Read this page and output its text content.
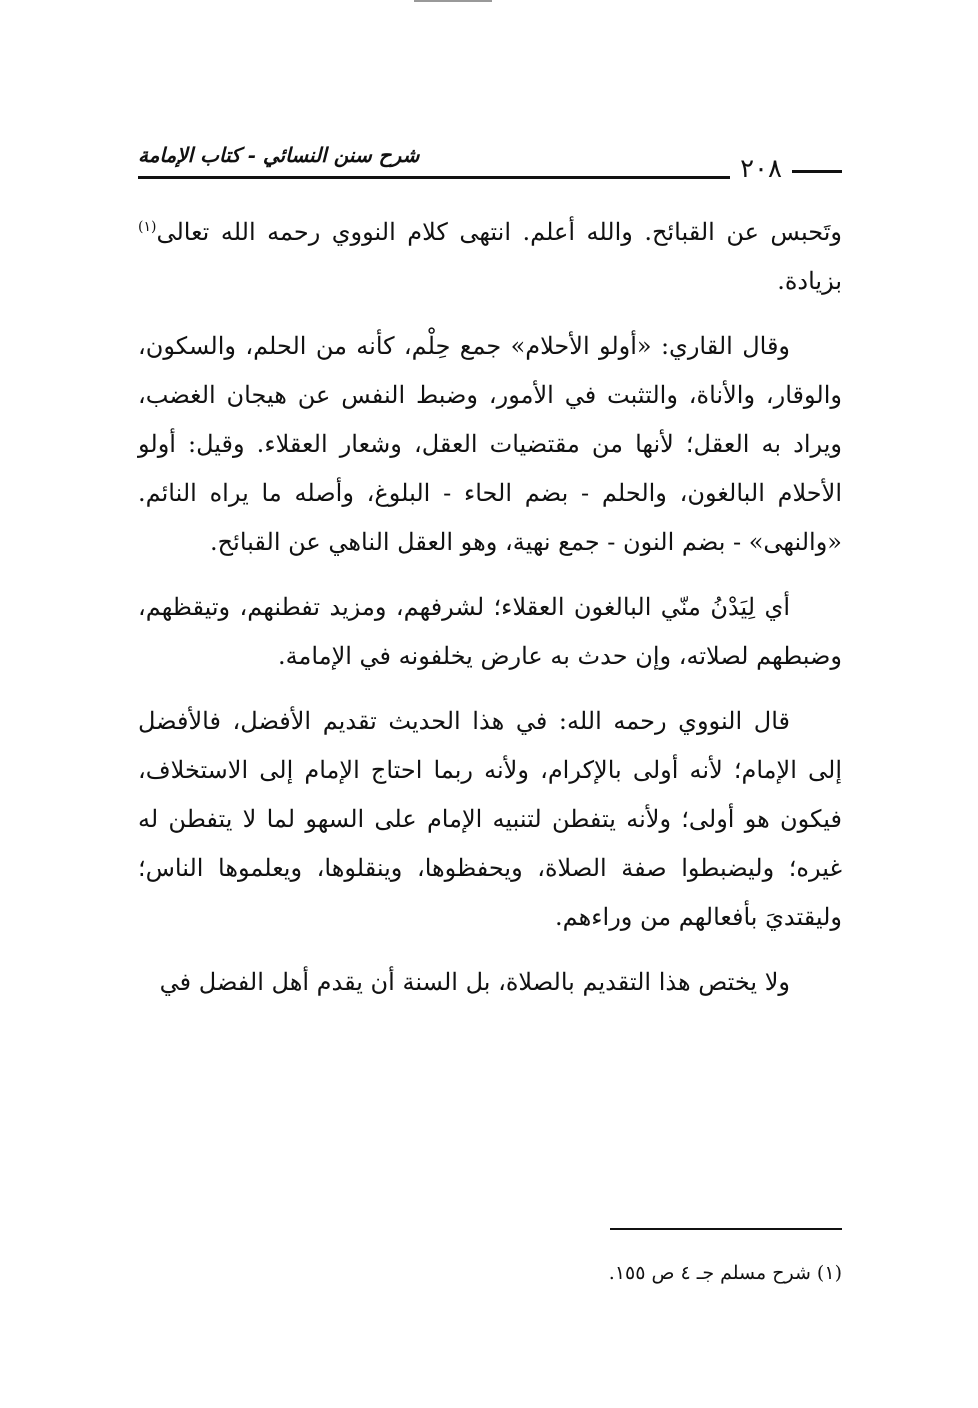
٢٠٨
شرح سنن النسائي - كتاب الإمامة

وتَحبس عن القبائح. والله أعلم. انتهى كلام النووي رحمه الله تعالى$^{(١)}$ بزيادة.

وقال القاري: «أولو الأحلام» جمع حِلْم، كأنه من الحلم، والسكون، والوقار، والأناة، والتثبت في الأمور، وضبط النفس عن هيجان الغضب، ويراد به العقل؛ لأنها من مقتضيات العقل، وشعار العقلاء. وقيل: أولو الأحلام البالغون، والحلم - بضم الحاء - البلوغ، وأصله ما يراه النائم. «والنهى» - بضم النون - جمع نهية، وهو العقل الناهي عن القبائح.

أي لِيَدْنُ منّي البالغون العقلاء؛ لشرفهم، ومزيد تفطنهم، وتيقظهم، وضبطهم لصلاته، وإن حدث به عارض يخلفونه في الإمامة.

قال النووي رحمه الله: في هذا الحديث تقديم الأفضل، فالأفضل إلى الإمام؛ لأنه أولى بالإكرام، ولأنه ربما احتاج الإمام إلى الاستخلاف، فيكون هو أولى؛ ولأنه يتفطن لتنبيه الإمام على السهو لما لا يتفطن له غيره؛ وليضبطوا صفة الصلاة، ويحفظوها، وينقلوها، ويعلموها الناس؛ وليقتديَ بأفعالهم من وراءهم.

ولا يختص هذا التقديم بالصلاة، بل السنة أن يقدم أهل الفضل في

(١) شرح مسلم جـ ٤ ص ١٥٥.
